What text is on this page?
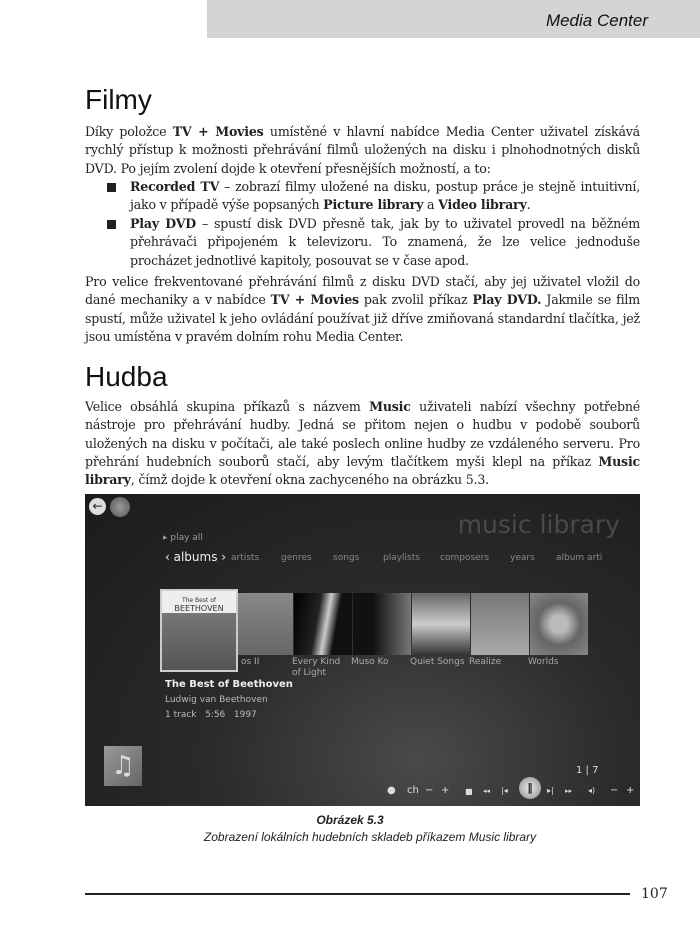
Media Center
Filmy
Díky položce TV + Movies umístěné v hlavní nabídce Media Center uživatel získává rychlý přístup k možnosti přehrávání filmů uložených na disku i plnohodnotných disků DVD. Po jejím zvolení dojde k otevření přesnějších možností, a to:
Recorded TV – zobrazí filmy uložené na disku, postup práce je stejně intuitivní, jako v případě výše popsaných Picture library a Video library.
Play DVD – spustí disk DVD přesně tak, jak by to uživatel provedl na běžném přehrávači připojeném k televizoru. To znamená, že lze velice jednoduše procházet jednotlivé kapitoly, posouvat se v čase apod.
Pro velice frekventované přehrávání filmů z disku DVD stačí, aby jej uživatel vložil do dané mechaniky a v nabídce TV + Movies pak zvolil příkaz Play DVD. Jakmile se film spustí, může uživatel k jeho ovládání používat již dříve zmiňovaná standardní tlačítka, jež jsou umístěna v pravém dolním rohu Media Center.
Hudba
Velice obsáhlá skupina příkazů s názvem Music uživateli nabízí všechny potřebné nástroje pro přehrávání hudby. Jedná se přitom nejen o hudbu v podobě souborů uložených na disku v počítači, ale také poslech online hudby ze vzdáleného serveru. Pro přehrání hudebních souborů stačí, aby levým tlačítkem myši klepl na příkaz Music library, čímž dojde k otevření okna zachyceného na obrázku 5.3.
←
music library
▸ play all
‹ albums › artists genres songs	playlists composers years album arti
os II	Every Kind of Light
Muso Ko	Quiet Songs Realize	Worlds
The Best of
BEETHOVEN
The Best of Beethoven
Ludwig van Beethoven
1 track   5:56   1997
♫	1 | 7
● ch − + ■ ◂◂ |◂	‖	▸| ▸▸ ◂) − +
Obrázek 5.3
Zobrazení lokálních hudebních skladeb příkazem Music library
107
